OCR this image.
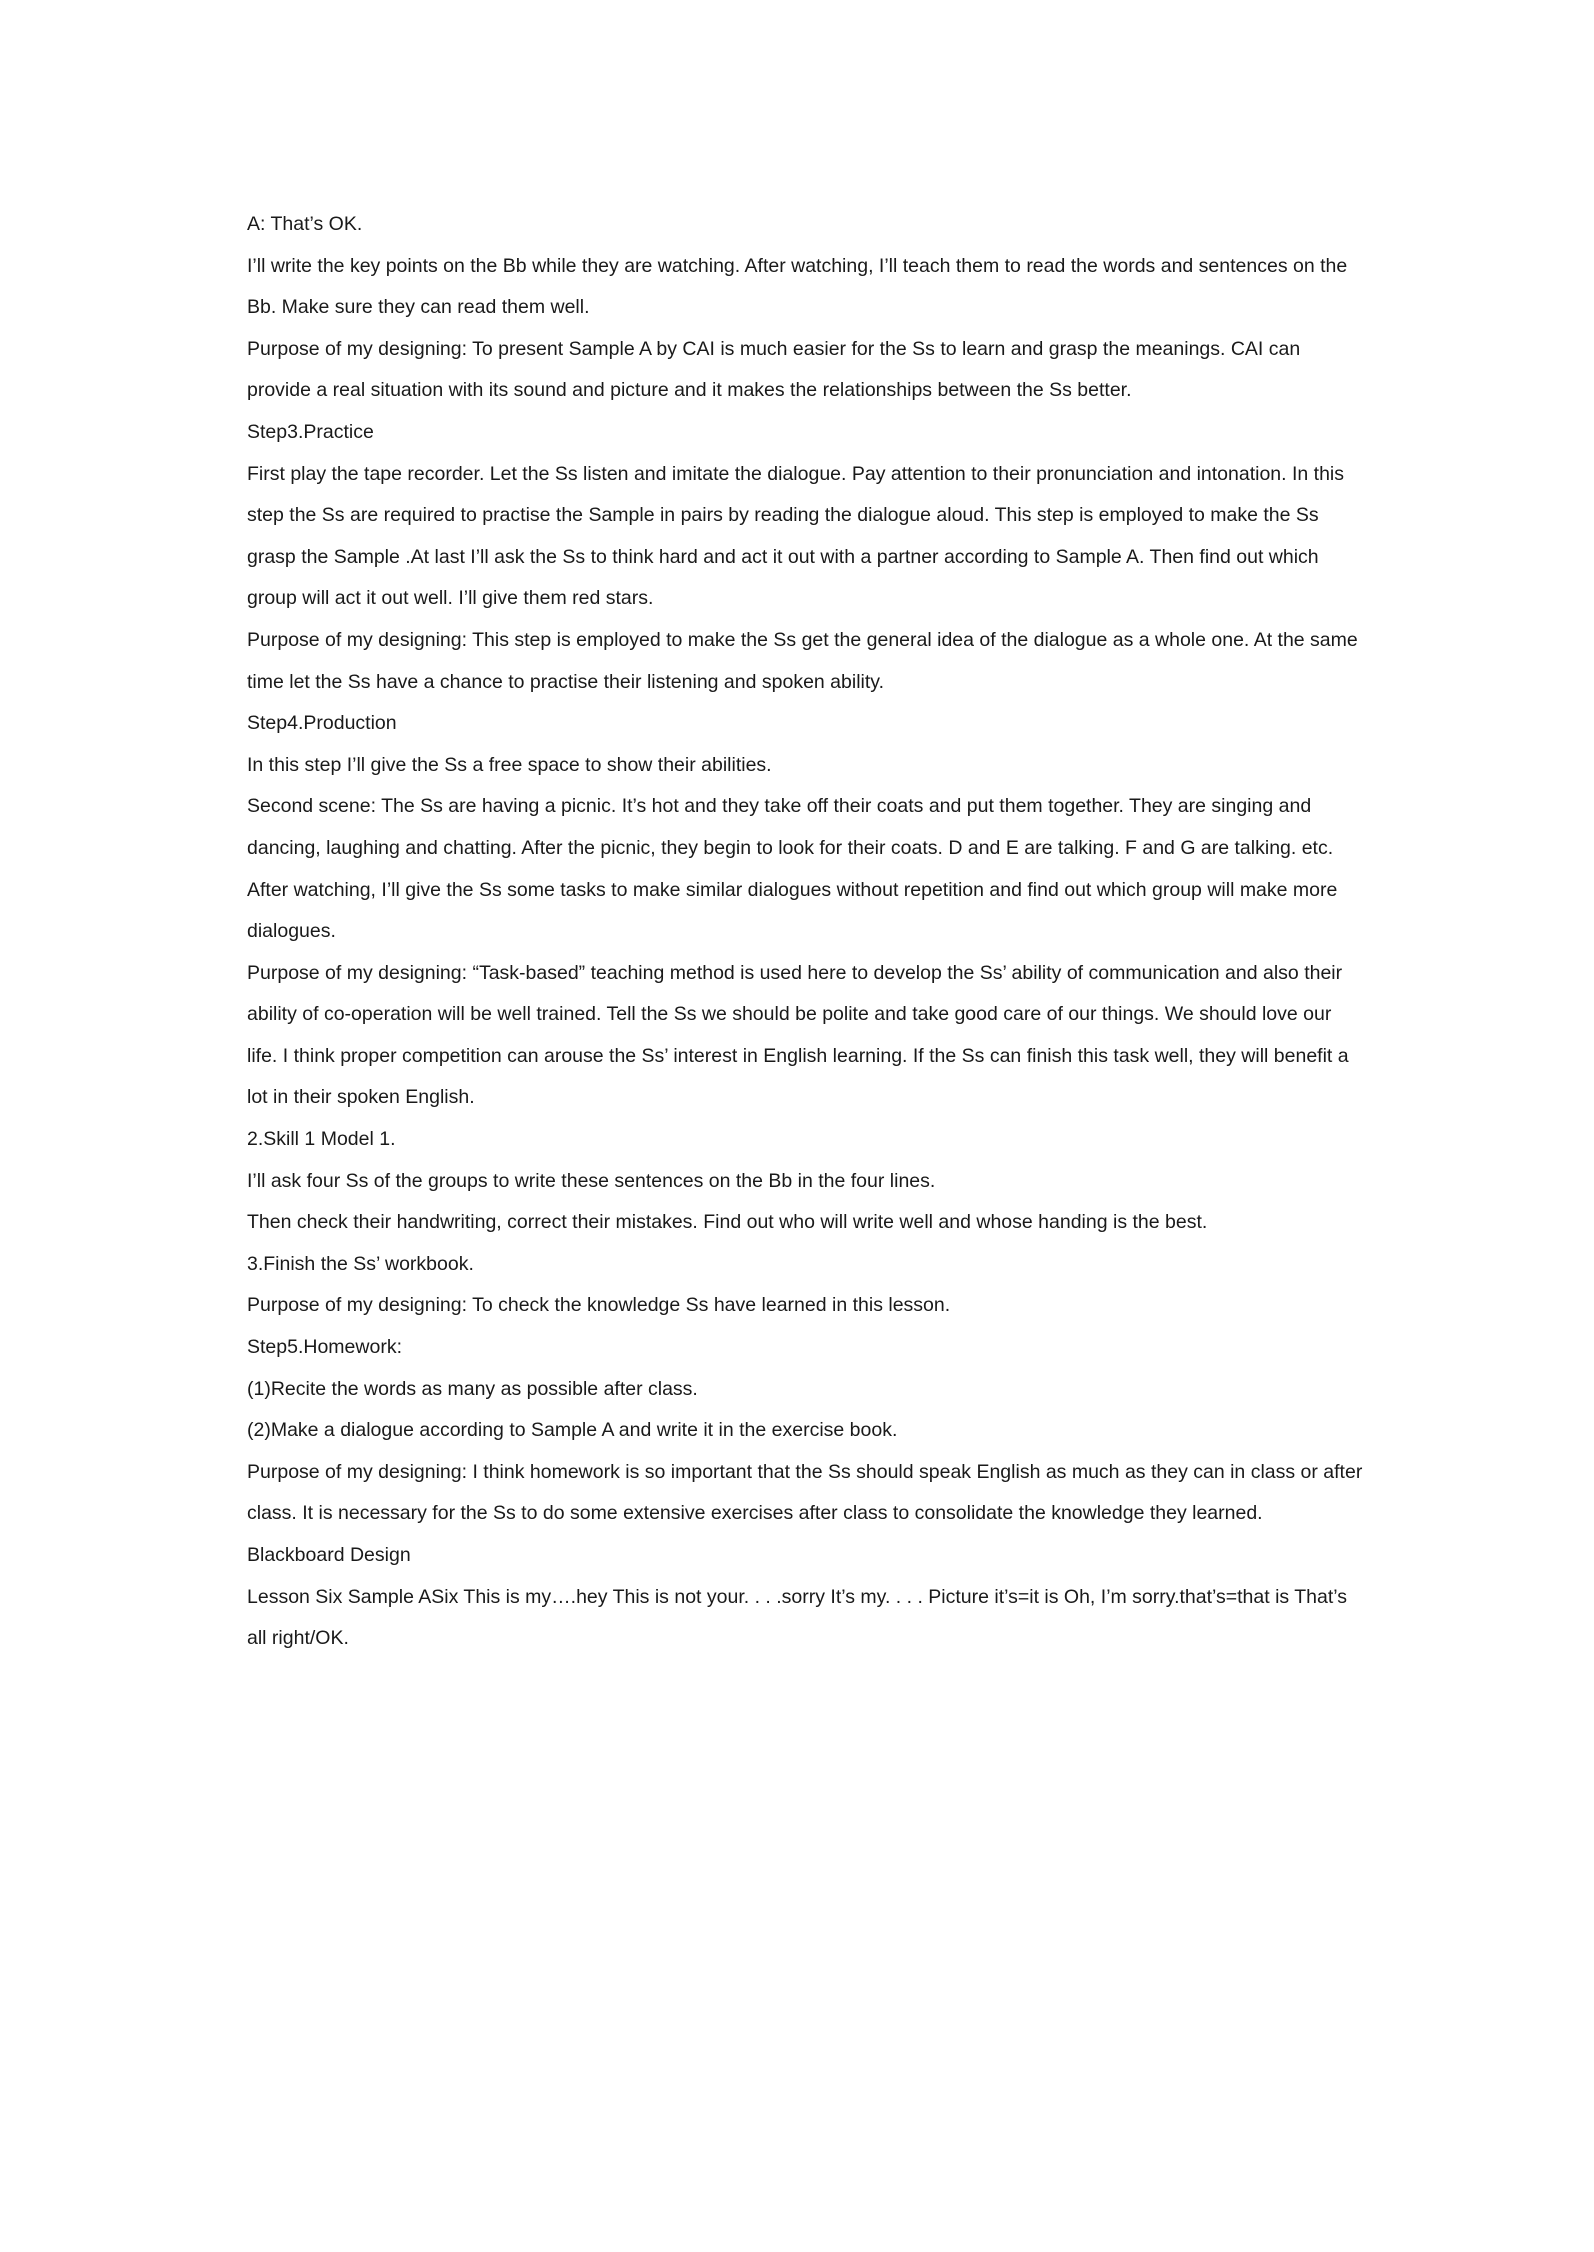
A: That’s OK.

I’ll write the key points on the Bb while they are watching. After watching, I’ll teach them to read the words and sentences on the Bb. Make sure they can read them well.

Purpose of my designing: To present Sample A by CAI is much easier for the Ss to learn and grasp the meanings. CAI can provide a real situation with its sound and picture and it makes the relationships between the Ss better.

Step3.Practice

First play the tape recorder. Let the Ss listen and imitate the dialogue. Pay attention to their pronunciation and intonation. In this step the Ss are required to practise the Sample in pairs by reading the dialogue aloud. This step is employed to make the Ss grasp the Sample .At last I’ll ask the Ss to think hard and act it out with a partner according to Sample A. Then find out which group will act it out well. I’ll give them red stars.

Purpose of my designing: This step is employed to make the Ss get the general idea of the dialogue as a whole one. At the same time let the Ss have a chance to practise their listening and spoken ability.

Step4.Production

In this step I’ll give the Ss a free space to show their abilities.

Second scene: The Ss are having a picnic. It’s hot and they take off their coats and put them together. They are singing and dancing, laughing and chatting. After the picnic, they begin to look for their coats. D and E are talking. F and G are talking. etc. After watching, I’ll give the Ss some tasks to make similar dialogues without repetition and find out which group will make more dialogues.

Purpose of my designing: “Task-based” teaching method is used here to develop the Ss’ ability of communication and also their ability of co-operation will be well trained. Tell the Ss we should be polite and take good care of our things. We should love our life. I think proper competition can arouse the Ss’ interest in English learning. If the Ss can finish this task well, they will benefit a lot in their spoken English.

2.Skill 1 Model 1.

I’ll ask four Ss of the groups to write these sentences on the Bb in the four lines.

Then check their handwriting, correct their mistakes. Find out who will write well and whose handing is the best.

3.Finish the Ss’ workbook.

Purpose of my designing: To check the knowledge Ss have learned in this lesson.

Step5.Homework:

(1)Recite the words as many as possible after class.

(2)Make a dialogue according to Sample A and write it in the exercise book.

Purpose of my designing: I think homework is so important that the Ss should speak English as much as they can in class or after class. It is necessary for the Ss to do some extensive exercises after class to consolidate the knowledge they learned.

Blackboard Design

Lesson Six Sample ASix This is my….hey This is not your. . . .sorry It’s my. . . . Picture it’s=it is Oh, I’m sorry.that’s=that is That’s all right/OK.
